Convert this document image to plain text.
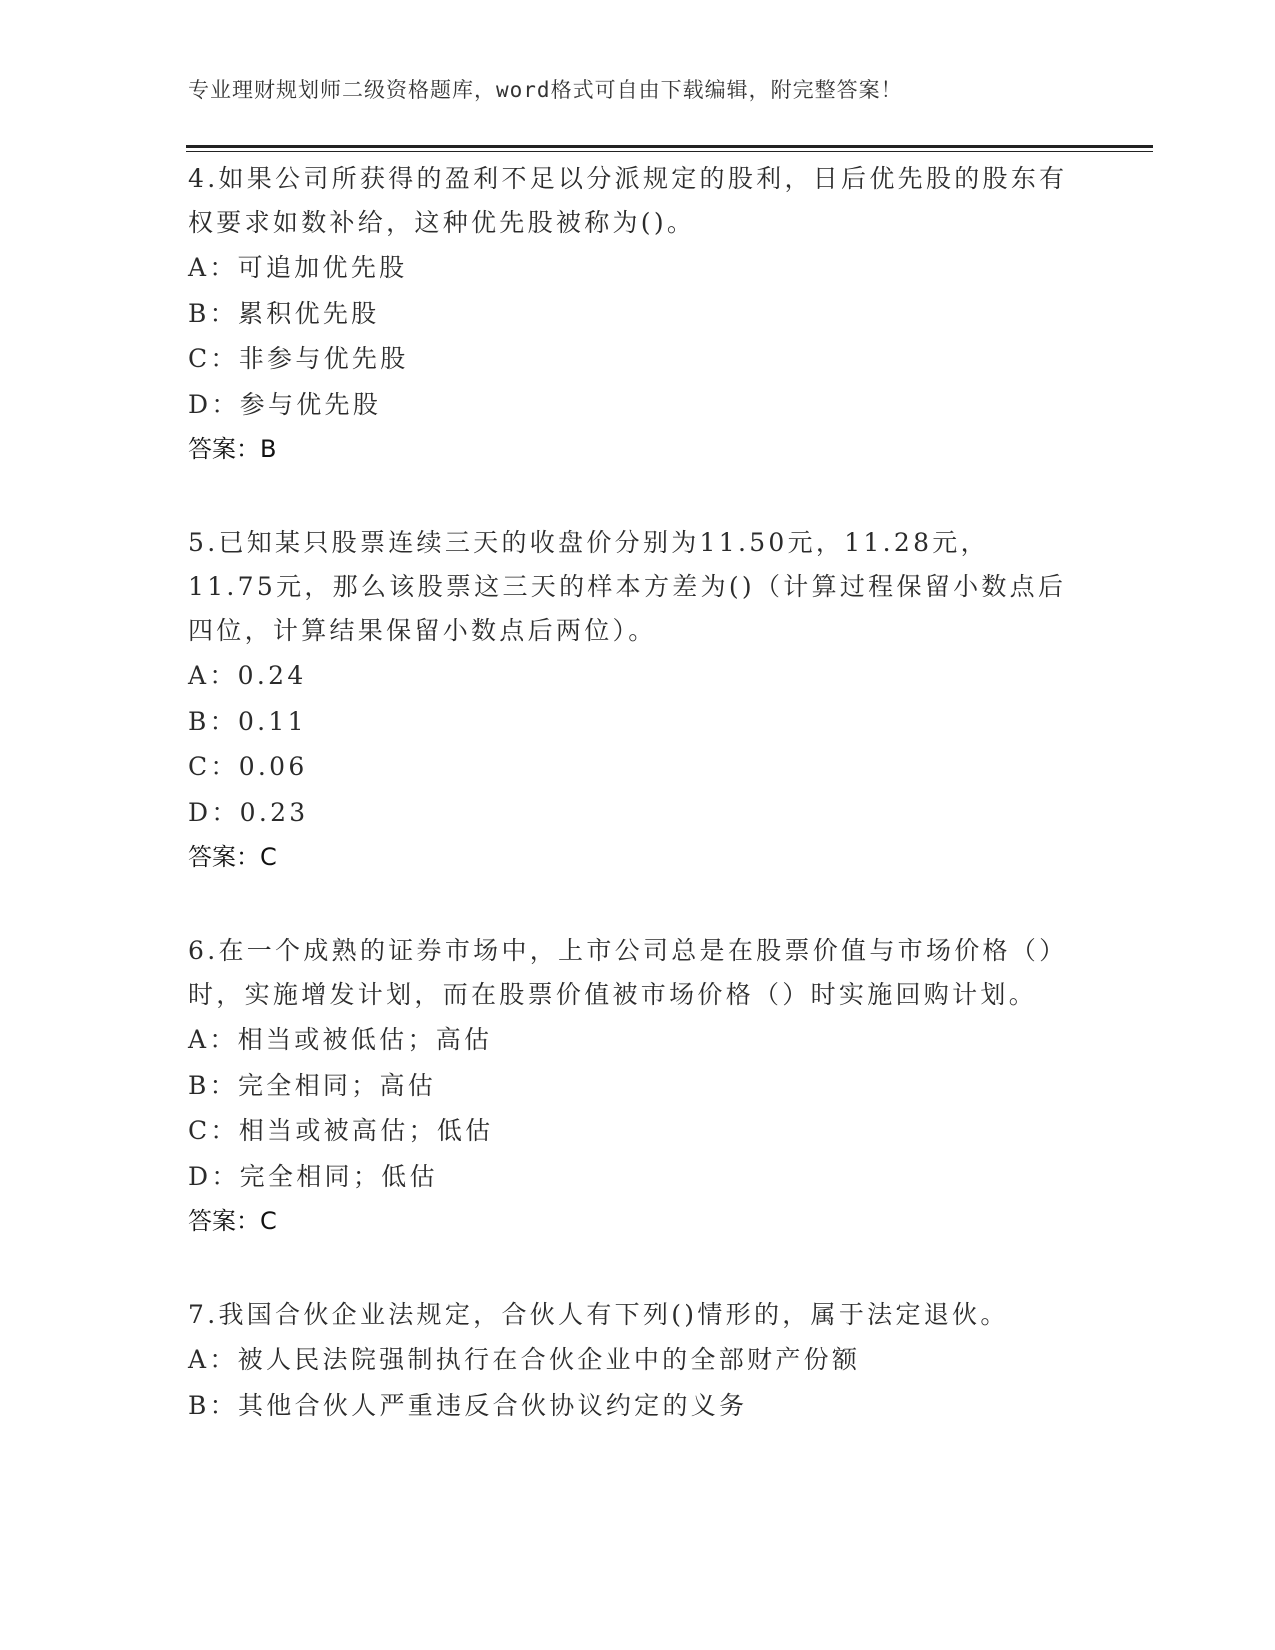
专业理财规划师二级资格题库，word格式可自由下载编辑，附完整答案！
4.如果公司所获得的盈利不足以分派规定的股利，日后优先股的股东有权要求如数补给，这种优先股被称为()。
A：可追加优先股
B：累积优先股
C：非参与优先股
D：参与优先股
答案：B
5.已知某只股票连续三天的收盘价分别为11.50元，11.28元，11.75元，那么该股票这三天的样本方差为()（计算过程保留小数点后四位，计算结果保留小数点后两位）。
A：0.24
B：0.11
C：0.06
D：0.23
答案：C
6.在一个成熟的证券市场中，上市公司总是在股票价值与市场价格（）时，实施增发计划，而在股票价值被市场价格（）时实施回购计划。
A：相当或被低估；高估
B：完全相同；高估
C：相当或被高估；低估
D：完全相同；低估
答案：C
7.我国合伙企业法规定，合伙人有下列()情形的，属于法定退伙。
A：被人民法院强制执行在合伙企业中的全部财产份额
B：其他合伙人严重违反合伙协议约定的义务
